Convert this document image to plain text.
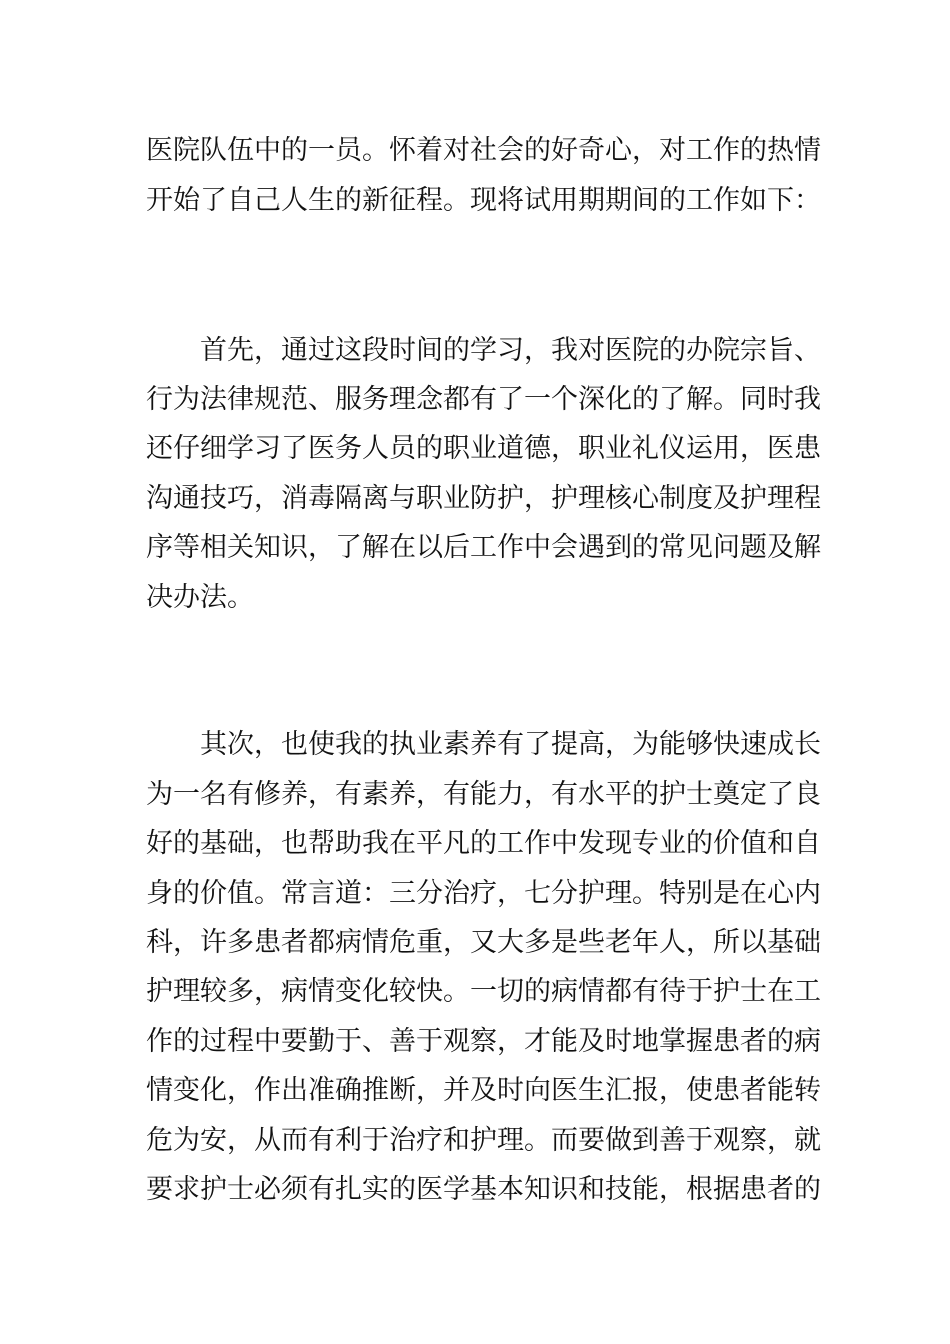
医院队伍中的一员。怀着对社会的好奇心，对工作的热情
开始了自己人生的新征程。现将试用期期间的工作如下：
首先，通过这段时间的学习，我对医院的办院宗旨、
行为法律规范、服务理念都有了一个深化的了解。同时我
还仔细学习了医务人员的职业道德，职业礼仪运用，医患
沟通技巧，消毒隔离与职业防护，护理核心制度及护理程
序等相关知识，了解在以后工作中会遇到的常见问题及解
决办法。
其次，也使我的执业素养有了提高，为能够快速成长
为一名有修养，有素养，有能力，有水平的护士奠定了良
好的基础，也帮助我在平凡的工作中发现专业的价值和自
身的价值。常言道：三分治疗，七分护理。特别是在心内
科，许多患者都病情危重，又大多是些老年人，所以基础
护理较多，病情变化较快。一切的病情都有待于护士在工
作的过程中要勤于、善于观察，才能及时地掌握患者的病
情变化，作出准确推断，并及时向医生汇报，使患者能转
危为安，从而有利于治疗和护理。而要做到善于观察，就
要求护士必须有扎实的医学基本知识和技能，根据患者的
